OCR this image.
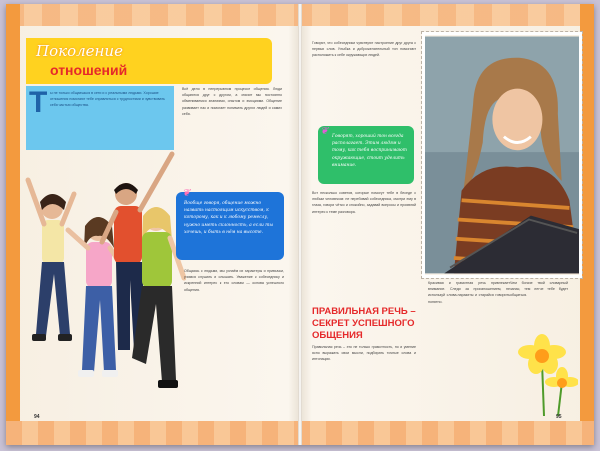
Поколение
отношений
ы не только общаешься в сети и с реальными людьми. Хорошие отношения помогают тебе справляться с трудностями и чувствовать себя частью общества.
Т	Всё дело в непрерывном процессе общения. Люди общаются друг с другом, а значит мы постоянно обмениваемся знаниями, опытом и эмоциями. Общение развивает нас и помогает понимать других людей и самих себя.
❦
Вообще говоря, общение можно назвать настоящим искусством, к которому, как и к любому ремеслу, нужно иметь склонность, а если ты хочешь, и быть в нём на высоте.
Общаясь с людьми, мы узнаём их характеры и привычки, учимся слушать и слышать. Уважение к собеседнику и искренний интерес к его словам — основа успешного общения.
94
Говорят, что собеседники чувствуют настроение друг друга с первых слов. Улыбка и доброжелательный тон помогают расположить к себе окружающих людей.
❦ Говорят, хороший тон всегда располагает. Этим людям и тому, как тебя воспринимают окружающие, стоит уделить внимание.
Вот несколько советов, которые помогут тебе в беседе с любым человеком: не перебивай собеседника, смотри ему в глаза, говори чётко и спокойно, задавай вопросы и проявляй интерес к теме разговора.
ПРАВИЛЬНАЯ РЕЧЬ – СЕКРЕТ УСПЕШНОГО ОБЩЕНИЯ
Правильная речь – это не только грамотность, но и умение ясно выражать свои мысли, подбирать точные слова и интонации.
Красивая и грамотная речь привлекает внимание. Следи за произношением, не используй слова-паразиты и старайся говорить понятно.
Чем богаче твой словарный запас, тем легче тебе будет общаться.
95
